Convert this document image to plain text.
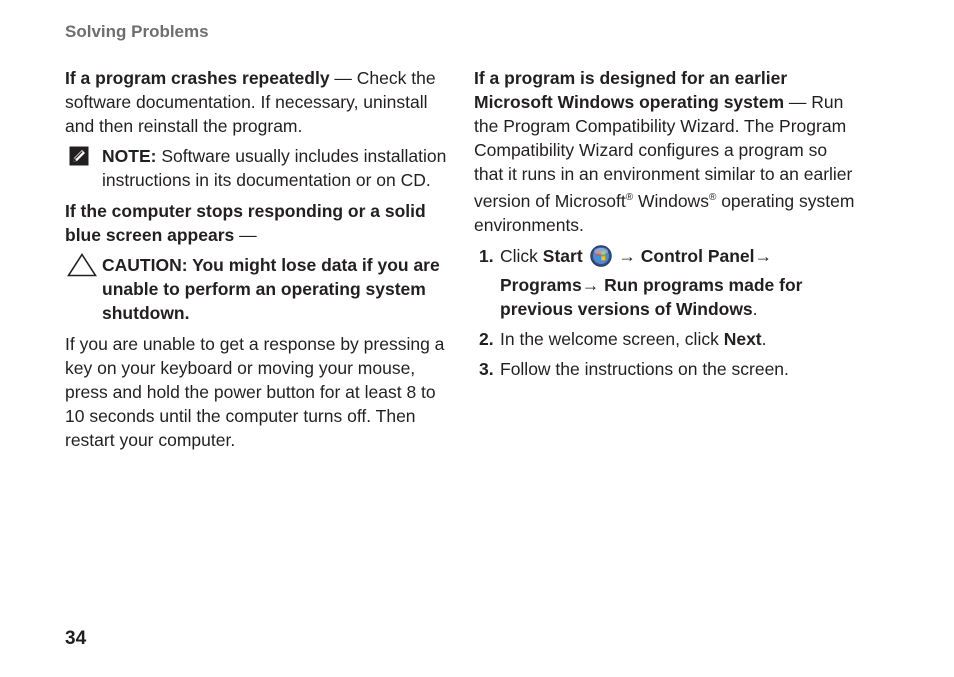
Solving Problems

If a program crashes repeatedly — Check the software documentation. If necessary, uninstall and then reinstall the program.

NOTE: Software usually includes installation instructions in its documentation or on CD.

If the computer stops responding or a solid blue screen appears —

CAUTION: You might lose data if you are unable to perform an operating system shutdown.

If you are unable to get a response by pressing a key on your keyboard or moving your mouse, press and hold the power button for at least 8 to 10 seconds until the computer turns off. Then restart your computer.

If a program is designed for an earlier Microsoft Windows operating system — Run the Program Compatibility Wizard. The Program Compatibility Wizard configures a program so that it runs in an environment similar to an earlier version of Microsoft® Windows® operating system environments.

1. Click Start  → Control Panel→
Programs→ Run programs made for previous versions of Windows.
2. In the welcome screen, click Next.
3. Follow the instructions on the screen.
34
